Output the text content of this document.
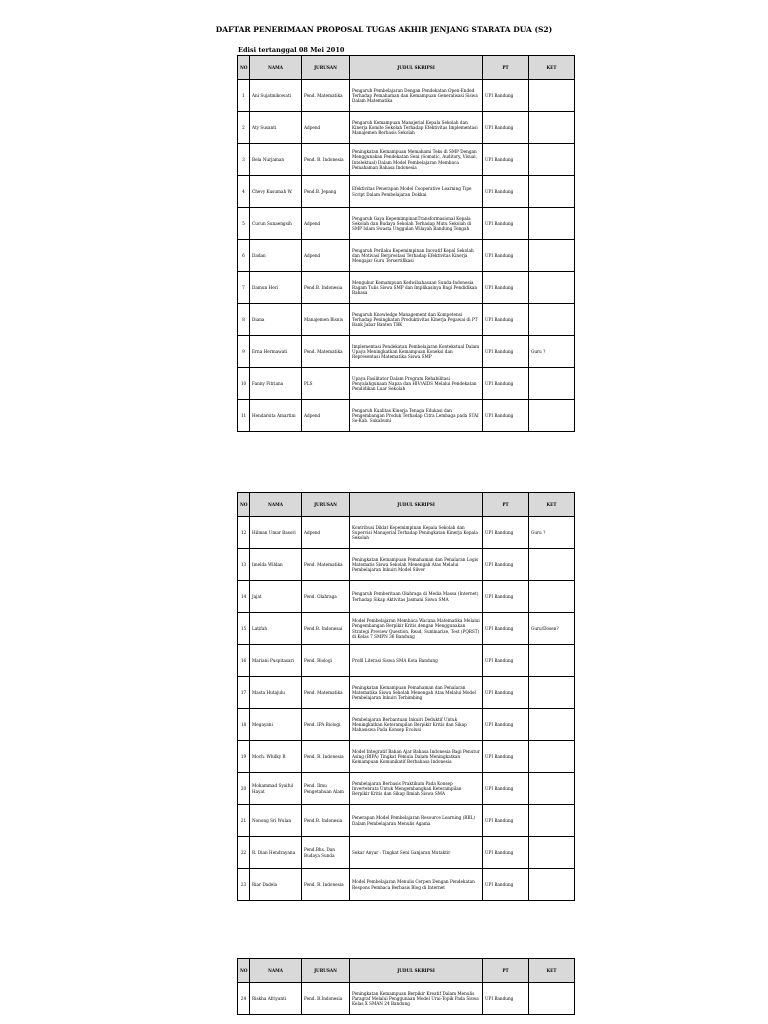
DAFTAR PENERIMAAN PROPOSAL TUGAS AKHIR JENJANG STARATA DUA (S2)
Edisi tertanggal 08 Mei 2010
NO	NAMA	JURUSAN	JUDUL SKRIPSI	PT	KET
1	Ani Sujatmikowati	Pend. Matematika	Pengaruh Pembelajaran Dengan Pendekatan Open-Ended Terhadap Pemahaman dan Kemampuan Generalisasi Siswa Dalam Matematika	UPI Bandung	
2	Aty Susanti	Adpend	Pengaruh Kemampuan Manajerial Kepala Sekolah dan Kinerja Komite Sekolah Terhadap Efektivitas Implementasi Manajemen Berbasis Sekolah	UPI Bandung	
3	Bela Nurjaman	Pend. B. Indonesia	Peningkatan Kemampuan Memahami Teks di SMP Dengan Menggunakan Pendekatan Seni (Somatic, Auditory, Visual, Intelektual) Dalam Model Pembelajaran Membaca Pemahaman Bahasa Indonesia	UPI Bandung	
4	Chevy Kusumah W.	Pend.B. Jepang	Efektivitas Penerapan Model Cooperative Learning Tipe Script Dalam Pembelajaran Dokkai	UPI Bandung	
5	Cucun Sunaengsih	Adpend	Pengaruh Gaya KepemimpinanTransformasional Kepala Sekolah dan Budaya Sekolah Terhadap Mutu Sekolah di SMP Islam Swasta Unggulan Wilayah Bandung Tengah	UPI Bandung	
6	Dadan	Adpend	Pengaruh Perilaku Kepemimpinan Inovatif Kepal Sekolah dan Motivasi Berprestasi Terhadap Efektivitas Kinerja Mengajar Guru Tersertifikasi	UPI Bandung	
7	Damun Heri	Pend.B. Indonesia	Mengukur Kemampuan Kedwibahasaan Sunda-Indonesia Ragam Tulis Siswa SMP dan Implikasinya Bagi Pendidikan Bahasa	UPI Bandung	
8	Diana	Manajemen Bisnis	Pengaruh Knowledge Management dan Kompetensi Terhadap Peningkatan Produktivitas Kinerja Pegawai di PT Bank Jabar Banten TBK	UPI Bandung	
9	Erna Hermawati	Pend. Matematika	Implementasi Pendekatan Pembelajaran Kontekstual Dalam Upaya Meningkatkan Kemampuan Koneksi dan Representasi Matematika Siswa SMP	UPI Bandung	Guru ?
10	Fanny Fitriana	PLS	Upaya Fasilitator Dalam Program Rehabilitasi Penyalahgunaan Napza dan HIV/AIDS Melalui Pendekatan Pendidikan Luar Sekolah	UPI Bandung	
11	Hendarsita Amartini	Adpend	Pengaruh Kualitas Kinerja Tenaga Edukasi dan Pengembangan Produk Terhadap Citra Lembaga pada STAI Se-Kab. Sukabumi	UPI Bandung	
NO	NAMA	JURUSAN	JUDUL SKRIPSI	PT	KET
12	Hilman Umar Basori	Adpend	Kontribusi Diklat Kepemimpinan Kepala Sekolah dan Supervisi Manajerial Terhadap Peningkatan Kinerja Kepala Sekolah	UPI Bandung	Guru ?
13	Imelda Wildan	Pend. Matematika	Peningkatan Kemampuan Pemahaman dan Penalaran Logis Matematis Siswa Sekolah Menengah Atas Melalui Pembelajaran Inkuiri Model Silver	UPI Bandung	
14	Jajat	Pend. Olahraga	Pengaruh Pemberitaan Olahraga di Media Massa (Internet) Terhadap Sikap Aktivitas Jasmani Siswa SMA	UPI Bandung	
15	Latifah	Pend.B. Indonesai	Model Pembelajaran Membaca Wacana Matematika Melalui Pengembangan Berpikir Kritis dengan Menggunakan Strategi Preview Question, Read, Summarize, Test (PQRST) di Kelas 7 SMPN 36 Bandung	UPI Bandung	Guru/Dosen?
16	Mariani Puspitasari	Pend. Biologi	Profil Literasi Siswa SMA Kota Bandung	UPI Bandung	
17	Masta Hutajulu	Pend. Matematika	Peningkatan Kemampuan Pemahaman dan Penalaran Matematika Siswa Sekolah Menengah Atas Melalui Model Pembelajaran Inkuiri Terbimbing	UPI Bandung	
18	Megayani	Pend. IPA Biologi	Pembelajaran Berbantuan Inkuiri Deduktif Untuk Meningkatkan Keterampilan Berpikir Kritis dan Sikap Mahasiswa Pada Konsep Evolusi	UPI Bandung	
19	Moch. Whilky R	Pend. B. Indonesia	Model Integratif Bahan Ajar Bahasa Indonesia Bagi Penutur Asing (BIPA) Tingkat Pemula Dalam Meningkatkan Kemampuan Komunikatif Berbahasa Indonesia	UPI Bandung	
20	Mohammad Syaiful Hayat	Pend. Ilmu Pengetahuan Alam	Pembelajaran Berbasis Praktikum Pada Konsep Invertebrata Untuk Mengembangkan Keterampilan Berpikir Kritis dan Sikap Ilmiah Siswa SMA	UPI Bandung	
21	Nonong Sri Wulan	Pend.B. Indonesia	Penerapan Model Pembelajaran Resource Learning (RBL) Dalam Pembelajaran Menulis Agama	UPI Bandung	
22	R. Dian Hendrayana	Pend.Bhs. Dan Budaya Sunda	Sekar Anyar : Tingkat Seni Ganjaran Mutaktir	UPI Bandung	
23	Riar Dadela	Pend. B. Indonesia	Model Pembelajaran Menulis Cerpen Dengan Pendekatan Respons Pembaca Berbasis Blog di Internet	UPI Bandung	
NO	NAMA	JURUSAN	JUDUL SKRIPSI	PT	KET
24	Riskha Afriyanti	Pend. B.Indonesia	Peningkatan Kemampuan Berpikir Kreatif Dalam Menulis Paragraf Melalui Penggunaan Model Urai-Topik Pada Siswa Kelas X SMAN 24 Bandung	UPI Bandung	
